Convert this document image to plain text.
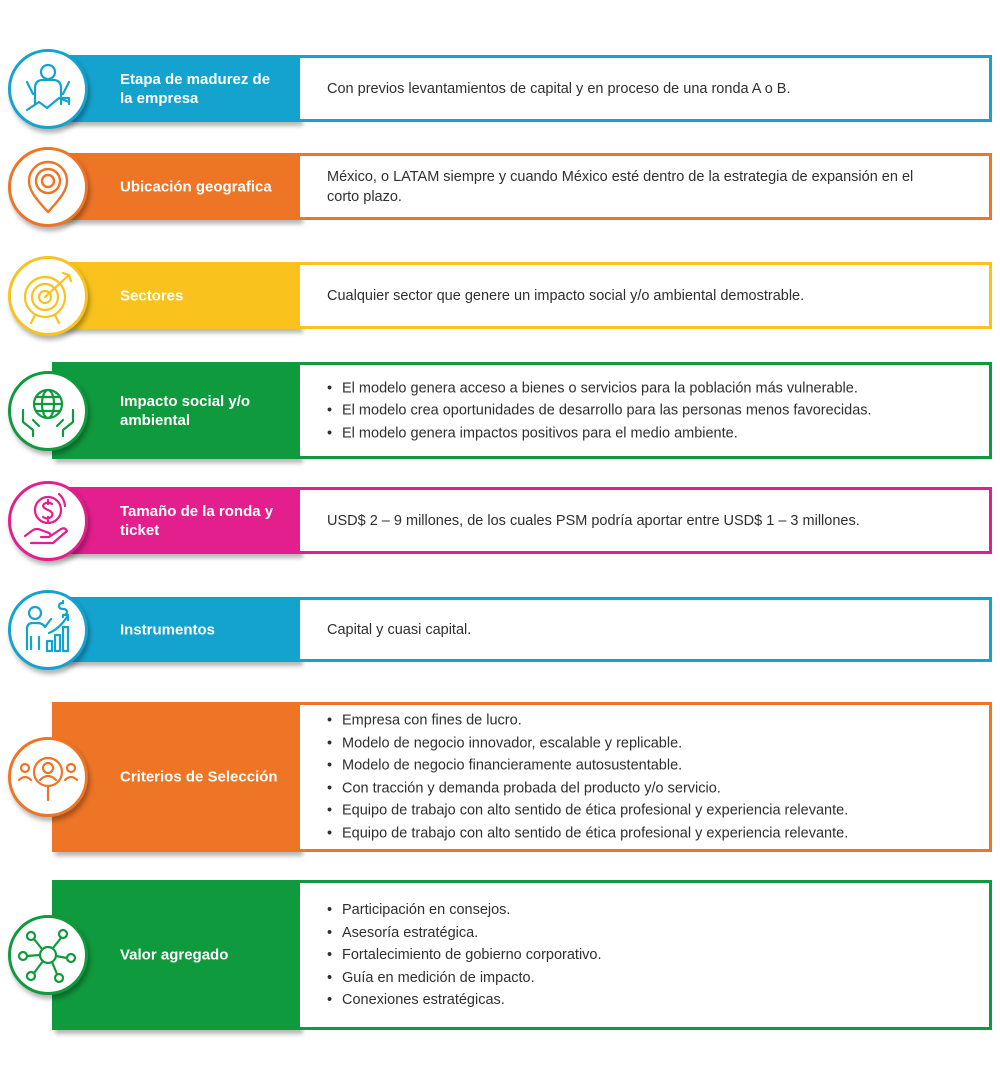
Etapa de madurez de la empresa
Con previos levantamientos de capital y en proceso de una ronda A o B.
Ubicación geografica
México, o LATAM siempre y cuando México esté dentro de la estrategia de expansión en el corto plazo.
Sectores	Cualquier sector que genere un impacto social y/o ambiental demostrable.
Impacto social y/o ambiental
• El modelo genera acceso a bienes o servicios para la población más vulnerable.
• El modelo crea oportunidades de desarrollo para las personas menos favorecidas.
• El modelo genera impactos positivos para el medio ambiente.
Tamaño de la ronda y ticket
USD$ 2 – 9 millones, de los cuales PSM podría aportar entre USD$ 1 – 3 millones.
Instrumentos	Capital y cuasi capital.
Criterios de Selección
• Empresa con fines de lucro.
• Modelo de negocio innovador, escalable y replicable.
• Modelo de negocio financieramente autosustentable.
• Con tracción y demanda probada del producto y/o servicio.
• Equipo de trabajo con alto sentido de ética profesional y experiencia relevante.
• Equipo de trabajo con alto sentido de ética profesional y experiencia relevante.
Valor agregado
• Participación en consejos.
• Asesoría estratégica.
• Fortalecimiento de gobierno corporativo.
• Guía en medición de impacto.
• Conexiones estratégicas.
